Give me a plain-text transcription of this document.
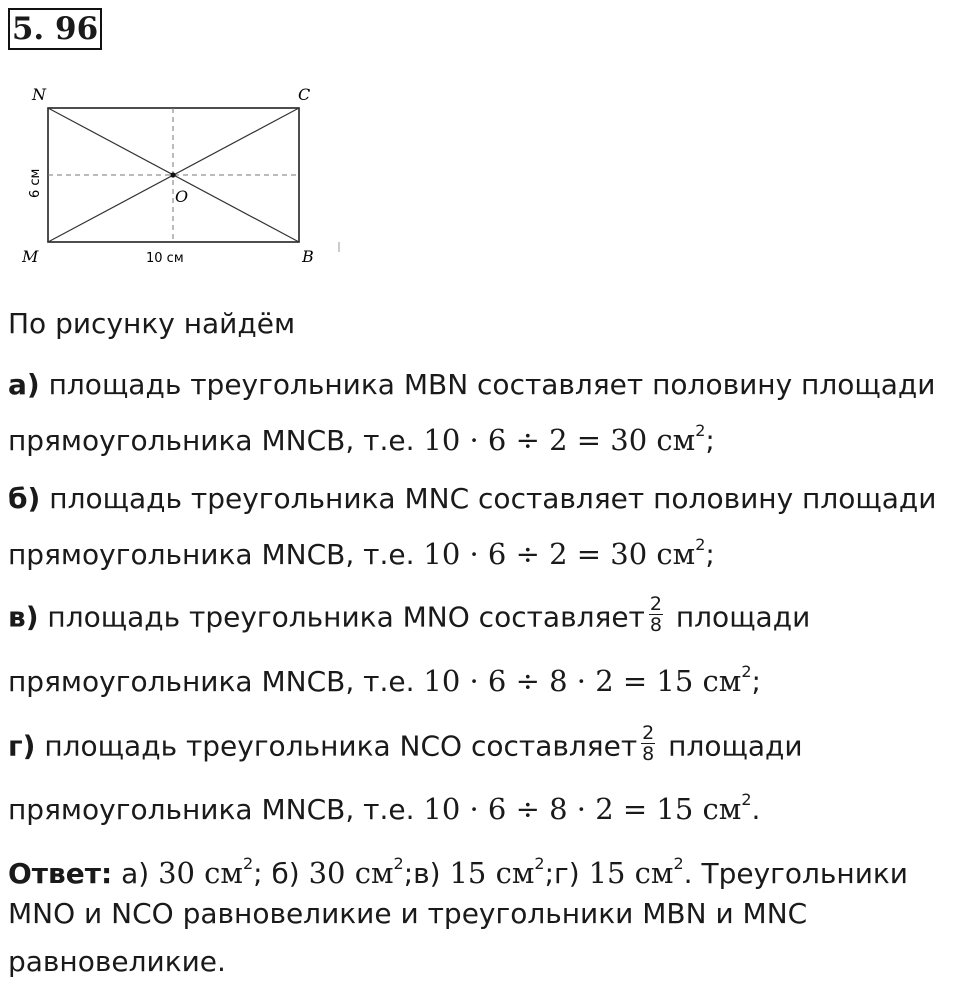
5. 96
N	C
M	B
O
6 см
10 см
По рисунку найдём
а) площадь треугольника MBN составляет половину площади
прямоугольника MNCB, т.е. 10 · 6 ÷ 2 = 30 $см^2$;
б) площадь треугольника MNC составляет половину площади
прямоугольника MNCB, т.е. 10 · 6 ÷ 2 = 30 $см^2$;
в) площадь треугольника MNO составляет $\frac{2}{8}$ площади
прямоугольника MNCB, т.е. 10 · 6 ÷ 8 · 2 = 15 $см^2$;
г) площадь треугольника NCO составляет $\frac{2}{8}$ площади
прямоугольника MNCB, т.е. 10 · 6 ÷ 8 · 2 = 15 $см^2$.
Ответ: а) 30 $см^2$; б) 30 $см^2;в$) 15 $см^2;г$) 15 $см^2$. Треугольники
MNO и NCO равновеликие и треугольники MBN и MNC
равновеликие.
